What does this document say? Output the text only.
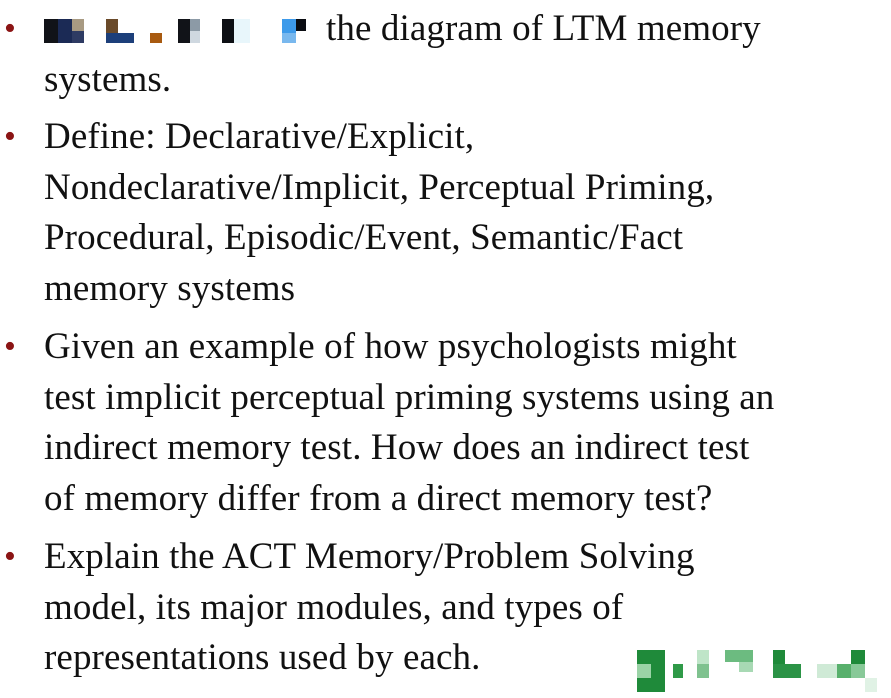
•	the diagram of LTM memory
systems.
• Define: Declarative/Explicit,
Nondeclarative/Implicit, Perceptual Priming,
Procedural, Episodic/Event, Semantic/Fact
memory systems
• Given an example of how psychologists might
test implicit perceptual priming systems using an
indirect memory test. How does an indirect test
of memory differ from a direct memory test?
• Explain the ACT Memory/Problem Solving
model, its major modules, and types of
representations used by each.
